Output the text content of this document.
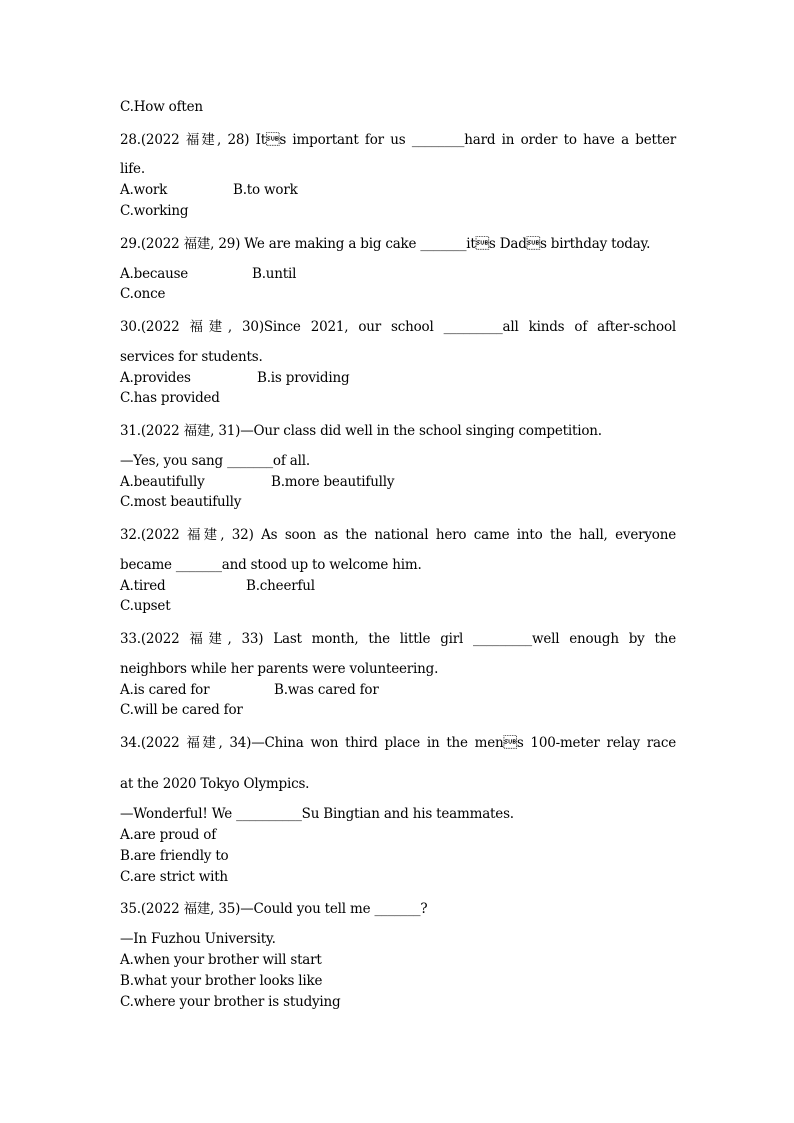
C.How often
28.(2022 福建, 28) Its important for us ________hard in order to have a better
life.
A.work	B.to work
C.working
29.(2022 福建, 29) We are making a big cake _______its Dads birthday today.
A.because	B.until
C.once
30.(2022 福建, 30)Since 2021, our school _________all kinds of after-school
services for students.
A.provides	B.is providing
C.has provided
31.(2022 福建, 31)—Our class did well in the school singing competition.
—Yes, you sang _______of all.
A.beautifully	B.more beautifully
C.most beautifully
32.(2022 福建, 32) As soon as the national hero came into the hall, everyone
became _______and stood up to welcome him.
A.tired	B.cheerful
C.upset
33.(2022 福建, 33) Last month, the little girl _________well enough by the
neighbors while her parents were volunteering.
A.is cared for	B.was cared for
C.will be cared for
34.(2022 福建, 34)—China won third place in the mens 100-meter relay race
at the 2020 Tokyo Olympics.
—Wonderful! We __________Su Bingtian and his teammates.
A.are proud of
B.are friendly to
C.are strict with
35.(2022 福建, 35)—Could you tell me _______?
—In Fuzhou University.
A.when your brother will start
B.what your brother looks like
C.where your brother is studying
